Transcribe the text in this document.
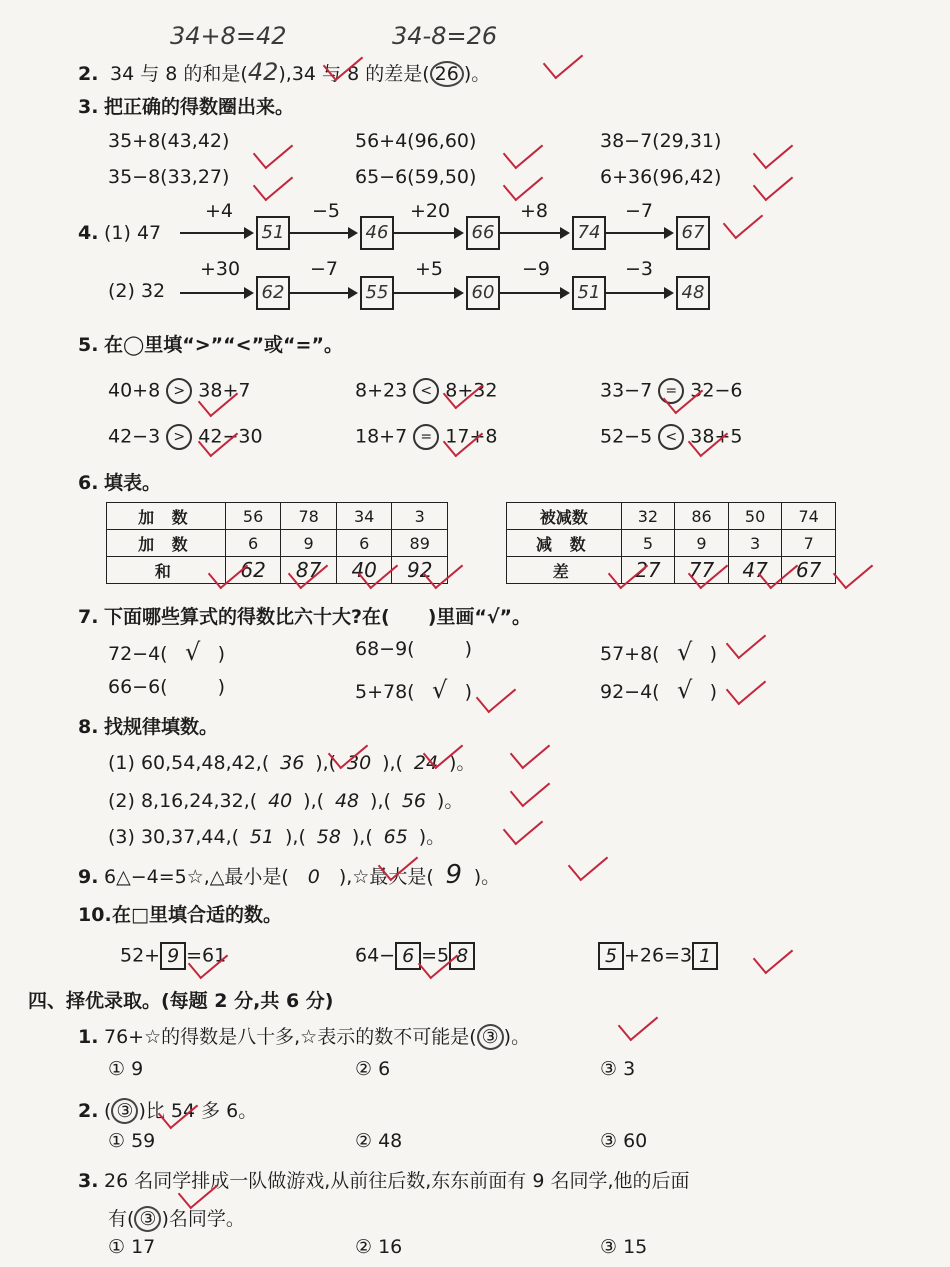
34+8=42	34-8=26
2. 34 与 8 的和是(42),34 与 8 的差是( 26 )。
3. 把正确的得数圈出来。
35+8(43,42)	56+4(96,60)	38−7(29,31)
35−8(33,27)	65−6(59,50)	6+36(96,42)
4. (1) 47
+4
51
−5
46
+20
66
+8
74
−7
67
(2) 32
+30
62
−7
55
+5
60
−9
51
−3
48
5. 在◯里填“>”“<”或“=”。
40+8 > 38+7	8+23 < 8+32	33−7 = 32−6
42−3 > 42−30	18+7 = 17+8	52−5 < 38+5
6. 填表。
加 数	56	78	34	3
加 数	6	9	6	89
和	62	87	40	92
被减数	32	86	50	74
减 数	5	9	3	7
差	27	77	47	67
7. 下面哪些算式的得数比六十大?在(　　)里画“√”。
72−4( √ )	68−9(	)	57+8( √ )
66−6(	)	5+78( √ )	92−4( √ )
8. 找规律填数。
(1) 60,54,48,42,( 36 ),( 30 ),( 24 )。
(2) 8,16,24,32,( 40 ),( 48 ),( 56 )。
(3) 30,37,44,( 51 ),( 58 ),( 65 )。
9. 6△−4=5☆,△最小是( 0 ),☆最大是( 9 )。
10.在□里填合适的数。
52+ 9 =61	64− 6 =5 8	5 +26=3 1
四、择优录取。(每题 2 分,共 6 分)
1. 76+☆的得数是八十多,☆表示的数不可能是( ③ )。
① 9	② 6	③ 3
2. ( ③ )比 54 多 6。
① 59	② 48	③ 60
3. 26 名同学排成一队做游戏,从前往后数,东东前面有 9 名同学,他的后面
有( ③ )名同学。
① 17	② 16	③ 15
